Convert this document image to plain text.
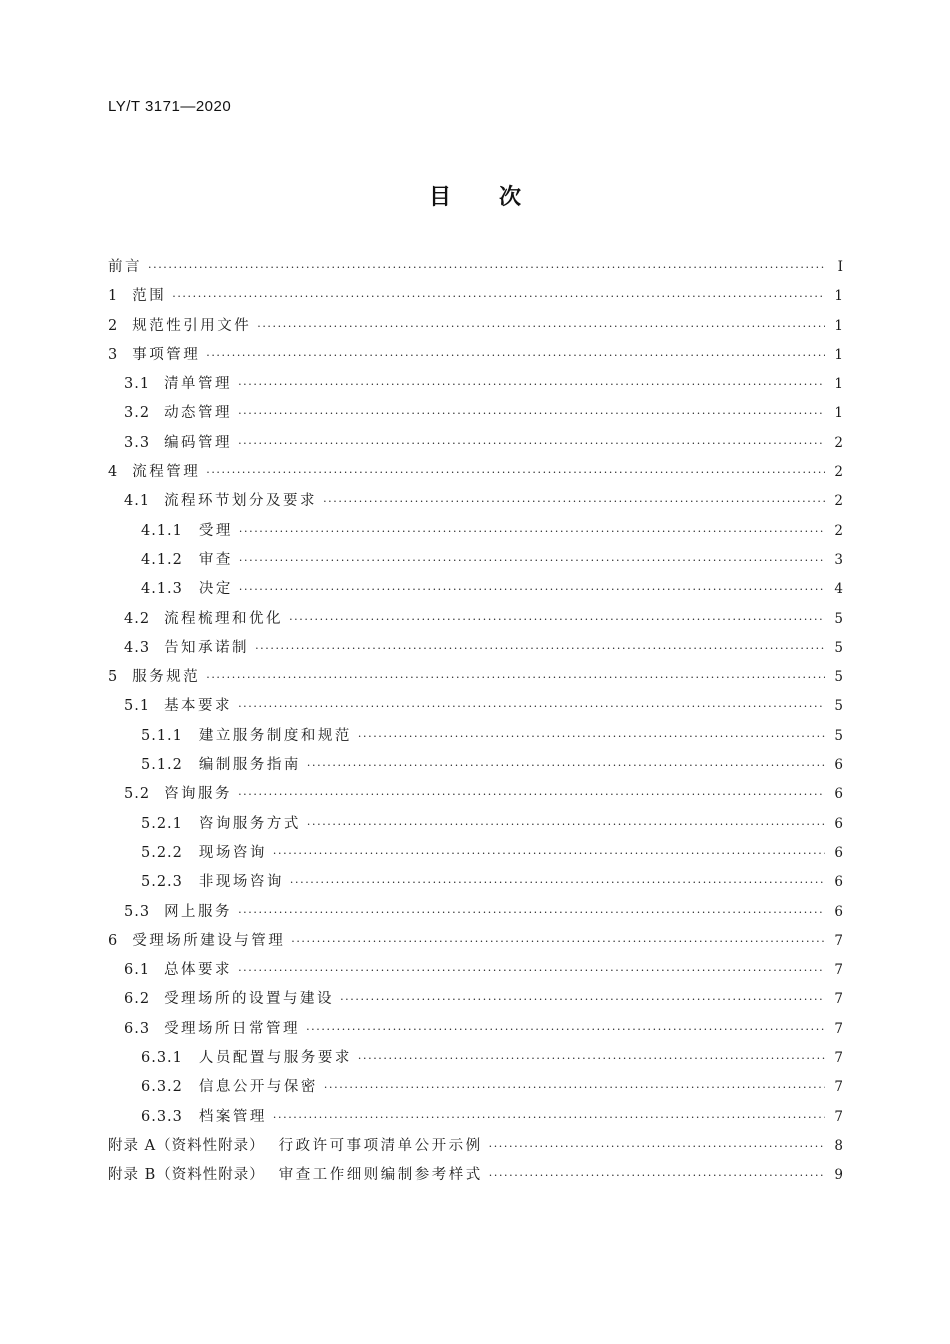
LY/T 3171—2020
目 次
前言 ·····	Ⅰ
1 范围 ·····	1
2 规范性引用文件 ·····	1
3 事项管理 ·····	1
3.1 清单管理 ·····	1
3.2 动态管理 ·····	1
3.3 编码管理 ·····	2
4 流程管理 ·····	2
4.1 流程环节划分及要求 ·····	2
4.1.1 受理 ·····	2
4.1.2 审查 ·····	3
4.1.3 决定 ·····	4
4.2 流程梳理和优化 ·····	5
4.3 告知承诺制 ·····	5
5 服务规范 ·····	5
5.1 基本要求 ·····	5
5.1.1 建立服务制度和规范 ·····	5
5.1.2 编制服务指南 ·····	6
5.2 咨询服务 ·····	6
5.2.1 咨询服务方式 ·····	6
5.2.2 现场咨询 ·····	6
5.2.3 非现场咨询 ·····	6
5.3 网上服务 ·····	6
6 受理场所建设与管理 ·····	7
6.1 总体要求 ·····	7
6.2 受理场所的设置与建设 ·····	7
6.3 受理场所日常管理 ·····	7
6.3.1 人员配置与服务要求 ·····	7
6.3.2 信息公开与保密 ·····	7
6.3.3 档案管理 ·····	7
附录 A（资料性附录） 行政许可事项清单公开示例 ·····	8
附录 B（资料性附录） 审查工作细则编制参考样式 ·····	9
